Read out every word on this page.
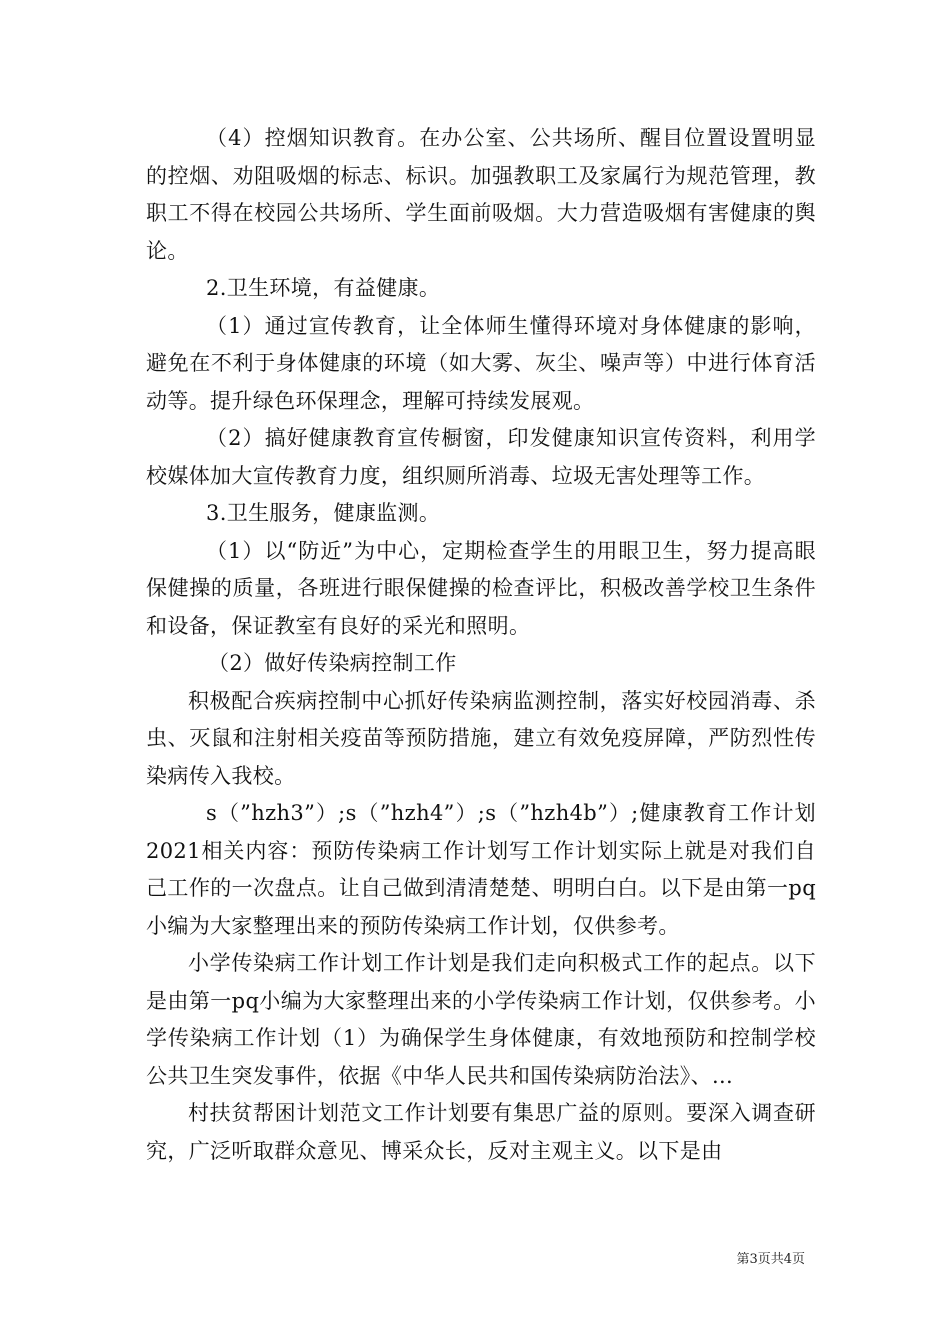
（4）控烟知识教育。在办公室、公共场所、醒目位置设置明显的控烟、劝阻吸烟的标志、标识。加强教职工及家属行为规范管理，教职工不得在校园公共场所、学生面前吸烟。大力营造吸烟有害健康的舆论。

2.卫生环境，有益健康。

（1）通过宣传教育，让全体师生懂得环境对身体健康的影响，避免在不利于身体健康的环境（如大雾、灰尘、噪声等）中进行体育活动等。提升绿色环保理念，理解可持续发展观。

（2）搞好健康教育宣传橱窗，印发健康知识宣传资料，利用学校媒体加大宣传教育力度，组织厕所消毒、垃圾无害处理等工作。

3.卫生服务，健康监测。

（1）以“防近”为中心，定期检查学生的用眼卫生，努力提高眼保健操的质量，各班进行眼保健操的检查评比，积极改善学校卫生条件和设备，保证教室有良好的采光和照明。

（2）做好传染病控制工作

积极配合疾病控制中心抓好传染病监测控制，落实好校园消毒、杀虫、灭鼠和注射相关疫苗等预防措施，建立有效免疫屏障，严防烈性传染病传入我校。

s（”hzh3”）;s（”hzh4”）;s（”hzh4b”）;健康教育工作计划2021相关内容：预防传染病工作计划写工作计划实际上就是对我们自己工作的一次盘点。让自己做到清清楚楚、明明白白。以下是由第一pq小编为大家整理出来的预防传染病工作计划，仅供参考。

小学传染病工作计划工作计划是我们走向积极式工作的起点。以下是由第一pq小编为大家整理出来的小学传染病工作计划，仅供参考。小学传染病工作计划（1）为确保学生身体健康，有效地预防和控制学校公共卫生突发事件，依据《中华人民共和国传染病防治法》、...

村扶贫帮困计划范文工作计划要有集思广益的原则。要深入调查研究，广泛听取群众意见、博采众长，反对主观主义。以下是由

第3页共4页
